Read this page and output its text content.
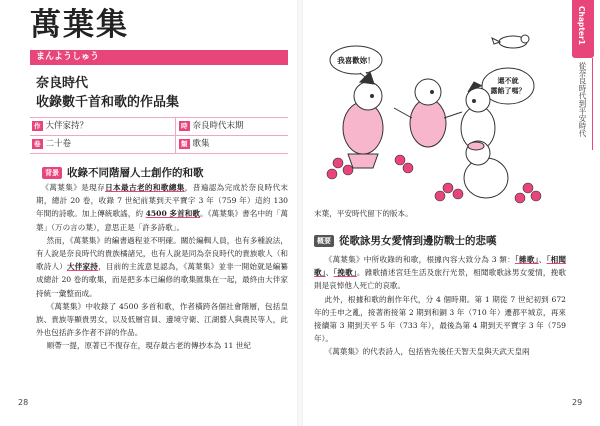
萬葉集
まんようしゅう
奈良時代
收錄數千首和歌的作品集
作 大伴家持？	時 奈良時代末期
卷 二十卷	類 歌集
背景 收錄不同階層人士創作的和歌

《萬葉集》是現存日本最古老的和歌總集，普遍認為完成於奈良時代末期，總計 20 卷，收錄 7 世紀前葉到天平寶字 3 年（759 年）這約 130 年間的詩歌。加上傳統歌謠，約 4500 多首和歌。《萬葉集》書名中的「萬葉」（万の言の葉），意思正是「許多詩歌」。

然而，《萬葉集》的編書過程並不明確。關於編輯人員，也有多種說法，有人說是奈良時代的貴族橘諸兄，也有人說是同為奈良時代的貴族歌人（和歌詩人）大伴家持，目前的主流意見認為，《萬葉集》並非一開始就是編纂成總計 20 卷的歌集，而是把多本已編修的歌集匯集在一起，最終由大伴家持統一彙整而成。

《萬葉集》中收錄了 4500 多首和歌，作者橫跨各個社會階層，包括皇族、貴族等顯貴男女，以及低層官員、邊境守衛、江湖藝人與農民等人，此外也包括許多作者不詳的作品。

順帶一提，原著已不復存在，現存最古老的傳抄本為 11 世紀

28
我喜歡妳！
還不就
露餡了嗎？
Chapter1
從奈良時代到平安時代
末葉，平安時代留下的版本。
概要 從歌詠男女愛情到邊防戰士的悲嘆

《萬葉集》中所收錄的和歌，根據內容大致分為 3 類：「雜歌」、「相聞歌」、「挽歌」。雜歌描述宮廷生活及旅行光景，相聞歌歌詠男女愛情，挽歌則是哀悼他人死亡的哀歌。

此外，根據和歌的創作年代，分 4 個時期。第 1 期從 7 世紀初到 672 年的壬申之亂，接著術接第 2 期到和銅 3 年（710 年）遷都平城京，再來接續第 3 期到天平 5 年（733 年），最後為第 4 期到天平寶字 3 年（759 年）。

《萬葉集》的代表詩人，包括皆先後任天智天皇與天武天皇兩

29
